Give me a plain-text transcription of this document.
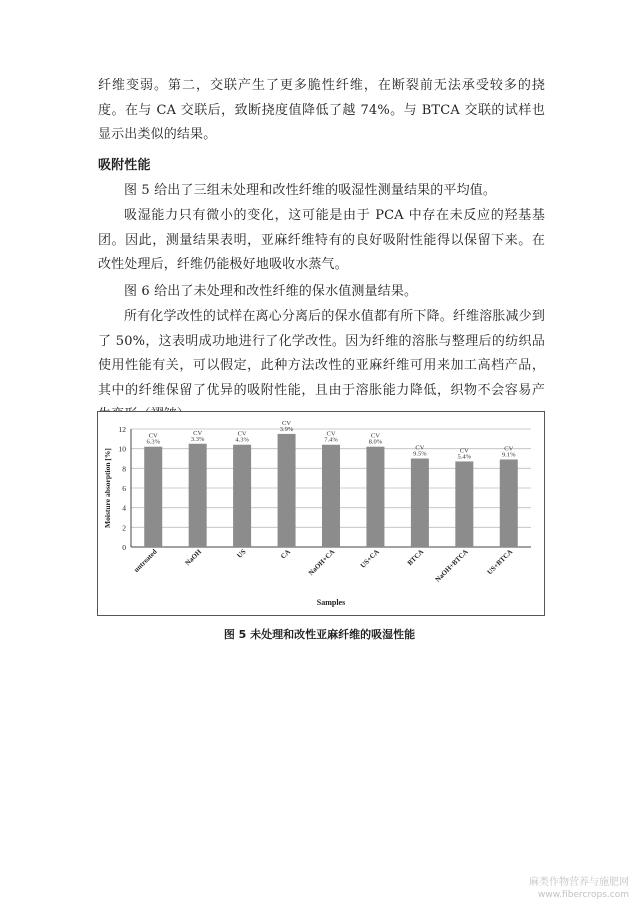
纤维变弱。第二，交联产生了更多脆性纤维，在断裂前无法承受较多的挠度。在与 CA 交联后，致断挠度值降低了越 74%。与 BTCA 交联的试样也显示出类似的结果。

吸附性能

图 5 给出了三组未处理和改性纤维的吸湿性测量结果的平均值。

吸湿能力只有微小的变化，这可能是由于 PCA 中存在未反应的羟基基团。因此，测量结果表明，亚麻纤维特有的良好吸附性能得以保留下来。在改性处理后，纤维仍能极好地吸收水蒸气。

图 6 给出了未处理和改性纤维的保水值测量结果。

所有化学改性的试样在离心分离后的保水值都有所下降。纤维溶胀减少到了 50%，这表明成功地进行了化学改性。因为纤维的溶胀与整理后的纺织品使用性能有关，可以假定，此种方法改性的亚麻纤维可用来加工高档产品，其中的纤维保留了优异的吸附性能，且由于溶胀能力降低，织物不会容易产

0
2
4
6
8
10
12
CV
6.3%
untreated
CV
3.3%
NaOH
CV
4.3%
US
CV
3.9%
CA
CV
7.4%
NaOH+CA
CV
8.0%
US+CA
CV
9.5%
BTCA
CV
5.4%
NaOH+BTCA
CV
9.1%
US+BTCA
Samples
Moisture absorption [%]
图 5 未处理和改性亚麻纤维的吸湿性能
麻类作物营养与施肥网
www.fibercrops.com
